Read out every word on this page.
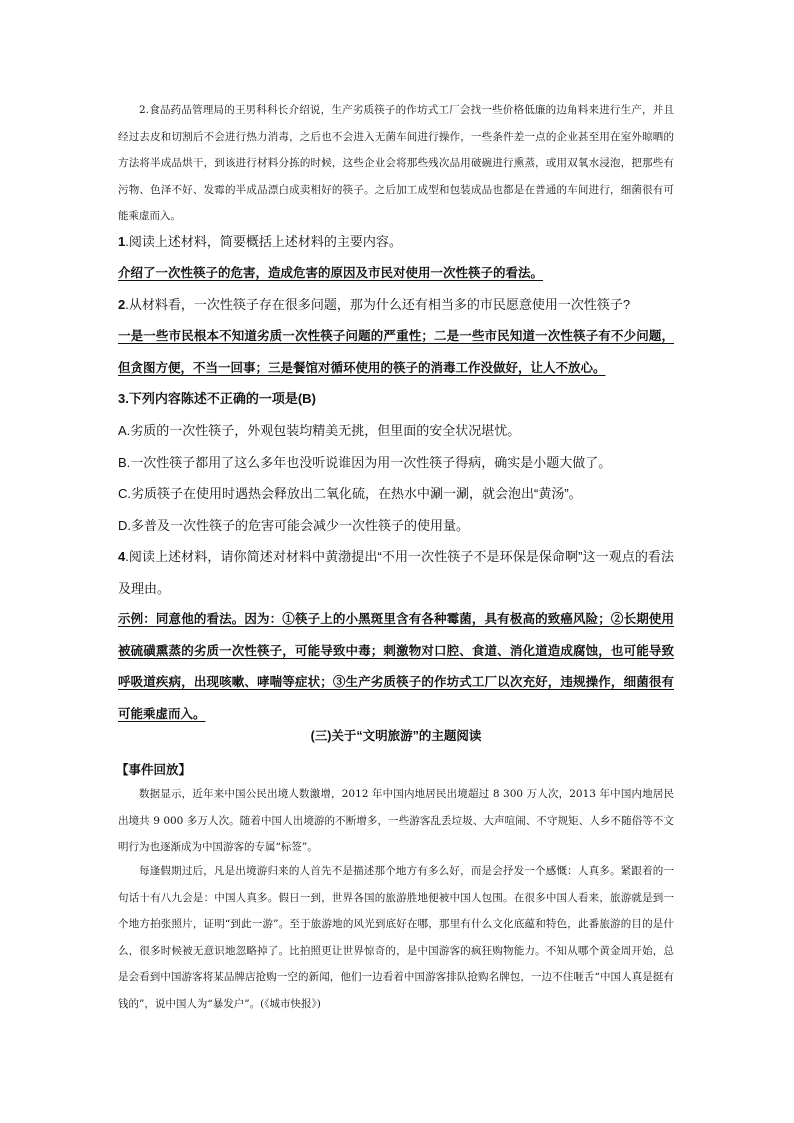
2.食品药品管理局的王男科科长介绍说，生产劣质筷子的作坊式工厂会找一些价格低廉的边角料来进行生产，并且经过去皮和切割后不会进行热力消毒，之后也不会进入无菌车间进行操作，一些条件差一点的企业甚至用在室外晾晒的方法将半成品烘干，到该进行材料分拣的时候，这些企业会将那些残次品用破碗进行熏蒸，或用双氧水浸泡，把那些有污物、色泽不好、发霉的半成品漂白成卖相好的筷子。之后加工成型和包装成品也都是在普通的车间进行，细菌很有可能乘虚而入。
1.阅读上述材料，简要概括上述材料的主要内容。
介绍了一次性筷子的危害，造成危害的原因及市民对使用一次性筷子的看法。
2.从材料看，一次性筷子存在很多问题，那为什么还有相当多的市民愿意使用一次性筷子?
一是一些市民根本不知道劣质一次性筷子问题的严重性；二是一些市民知道一次性筷子有不少问题，但贪图方便，不当一回事；三是餐馆对循环使用的筷子的消毒工作没做好，让人不放心。
3.下列内容陈述不正确的一项是(B)
A.劣质的一次性筷子，外观包装均精美无挑，但里面的安全状况堪忧。
B.一次性筷子都用了这么多年也没听说谁因为用一次性筷子得病，确实是小题大做了。
C.劣质筷子在使用时遇热会释放出二氧化硫，在热水中涮一涮，就会泡出“黄汤”。
D.多普及一次性筷子的危害可能会减少一次性筷子的使用量。
4.阅读上述材料，请你简述对材料中黄渤提出“不用一次性筷子不是环保是保命啊”这一观点的看法及理由。
示例：同意他的看法。因为：①筷子上的小黑斑里含有各种霉菌，具有极高的致癌风险；②长期使用被硫磺熏蒸的劣质一次性筷子，可能导致中毒；刺激物对口腔、食道、消化道造成腐蚀，也可能导致呼吸道疾病，出现咳嗽、哮喘等症状；③生产劣质筷子的作坊式工厂以次充好，违规操作，细菌很有可能乘虚而入。
(三)关于“文明旅游”的主题阅读
【事件回放】
数据显示，近年来中国公民出境人数激增，2012 年中国内地居民出境超过 8 300 万人次，2013 年中国内地居民出境共 9 000 多万人次。随着中国人出境游的不断增多，一些游客乱丢垃圾、大声喧闹、不守规矩、人乡不随俗等不文明行为也逐渐成为中国游客的专属“标签”。
每逢假期过后，凡是出境游归来的人首先不是描述那个地方有多么好，而是会抒发一个感慨：人真多。紧跟着的一句话十有八九会是：中国人真多。假日一到，世界各国的旅游胜地便被中国人包围。在很多中国人看来，旅游就是到一个地方拍张照片，证明“到此一游”。至于旅游地的风光到底好在哪，那里有什么文化底蕴和特色，此番旅游的目的是什么，很多时候被无意识地忽略掉了。比拍照更让世界惊奇的，是中国游客的疯狂购物能力。不知从哪个黄金周开始，总是会看到中国游客将某品牌店抢购一空的新闻，他们一边看着中国游客排队抢购名牌包，一边不住咂舌“中国人真是挺有钱的”，说中国人为“暴发户”。(《城市快报》)
